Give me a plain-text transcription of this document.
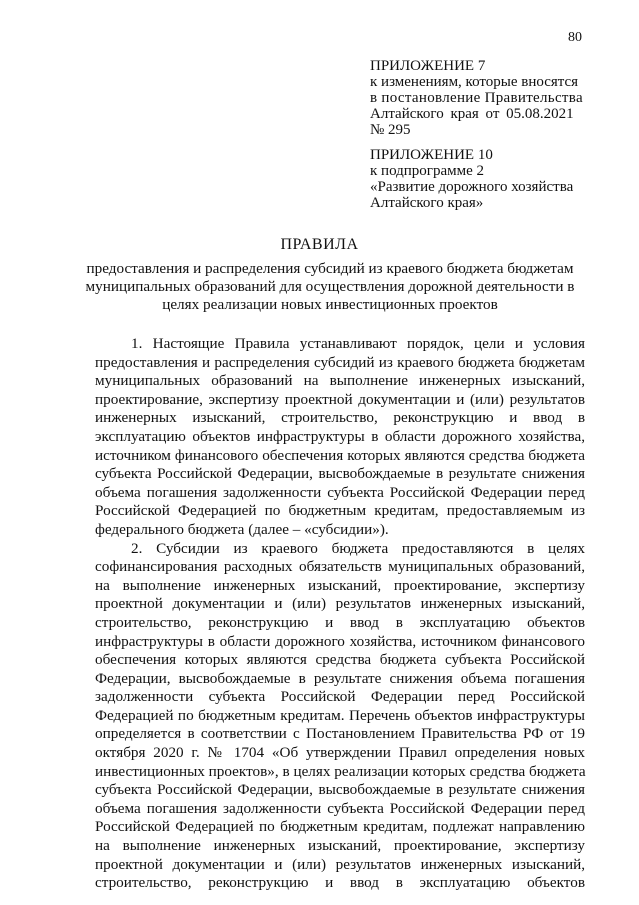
80
ПРИЛОЖЕНИЕ 7
к изменениям, которые вносятся
в постановление Правительства
Алтайского края от 05.08.2021
№ 295
ПРИЛОЖЕНИЕ 10
к подпрограмме 2
«Развитие дорожного хозяйства
Алтайского края»
ПРАВИЛА
предоставления и распределения субсидий из краевого бюджета бюджетам
муниципальных образований для осуществления дорожной деятельности в
целях реализации новых инвестиционных проектов
1. Настоящие Правила устанавливают порядок, цели и условия
предоставления и распределения субсидий из краевого бюджета бюджетам
муниципальных образований на выполнение инженерных изысканий,
проектирование, экспертизу проектной документации и (или) результатов
инженерных изысканий, строительство, реконструкцию и ввод в
эксплуатацию объектов инфраструктуры в области дорожного хозяйства,
источником финансового обеспечения которых являются средства бюджета
субъекта Российской Федерации, высвобождаемые в результате снижения
объема погашения задолженности субъекта Российской Федерации перед
Российской Федерацией по бюджетным кредитам, предоставляемым из
федерального бюджета (далее – «субсидии»).
2. Субсидии из краевого бюджета предоставляются в целях
софинансирования расходных обязательств муниципальных образований,
на выполнение инженерных изысканий, проектирование, экспертизу
проектной документации и (или) результатов инженерных изысканий,
строительство, реконструкцию и ввод в эксплуатацию объектов
инфраструктуры в области дорожного хозяйства, источником финансового
обеспечения которых являются средства бюджета субъекта Российской
Федерации, высвобождаемые в результате снижения объема погашения
задолженности субъекта Российской Федерации перед Российской
Федерацией по бюджетным кредитам. Перечень объектов инфраструктуры
определяется в соответствии с Постановлением Правительства РФ от 19
октября 2020 г. № 1704 «Об утверждении Правил определения новых
инвестиционных проектов», в целях реализации которых средства бюджета
субъекта Российской Федерации, высвобождаемые в результате снижения
объема погашения задолженности субъекта Российской Федерации перед
Российской Федерацией по бюджетным кредитам, подлежат направлению
на выполнение инженерных изысканий, проектирование, экспертизу
проектной документации и (или) результатов инженерных изысканий,
строительство, реконструкцию и ввод в эксплуатацию объектов
